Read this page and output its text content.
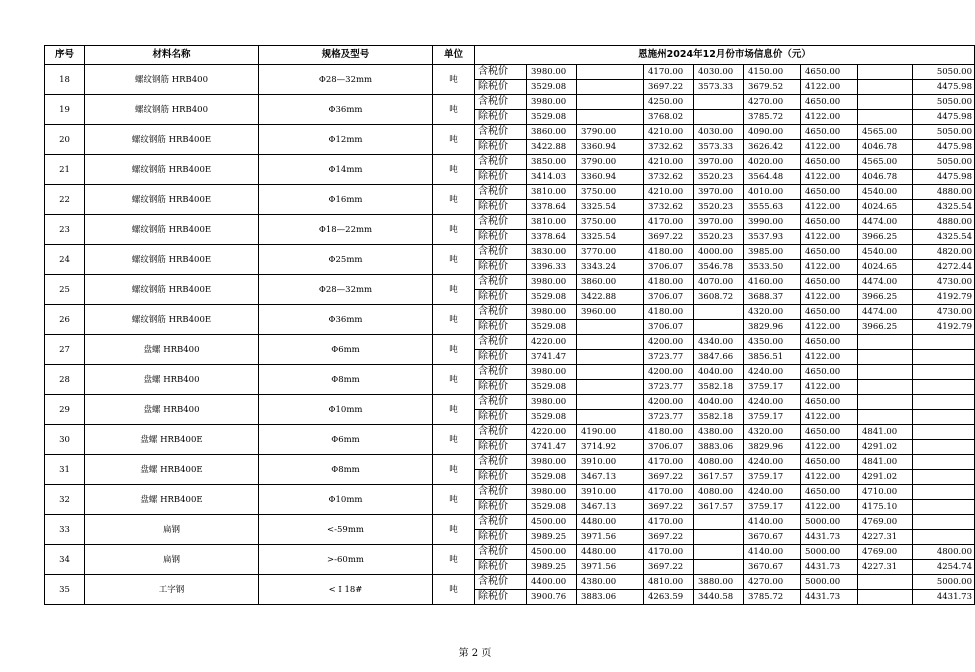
序号	材料名称	规格及型号	单位	恩施州2024年12月份市场信息价（元）								
18	螺纹钢筋 HRB400	Φ28—32mm	吨	含税价	3980.00		4170.00	4030.00	4150.00	4650.00		5050.00
				除税价	3529.08		3697.22	3573.33	3679.52	4122.00		4475.98
19	螺纹钢筋 HRB400	Φ36mm	吨	含税价	3980.00		4250.00		4270.00	4650.00		5050.00
				除税价	3529.08		3768.02		3785.72	4122.00		4475.98
20	螺纹钢筋 HRB400E	Φ12mm	吨	含税价	3860.00	3790.00	4210.00	4030.00	4090.00	4650.00	4565.00	5050.00
				除税价	3422.88	3360.94	3732.62	3573.33	3626.42	4122.00	4046.78	4475.98
21	螺纹钢筋 HRB400E	Φ14mm	吨	含税价	3850.00	3790.00	4210.00	3970.00	4020.00	4650.00	4565.00	5050.00
				除税价	3414.03	3360.94	3732.62	3520.23	3564.48	4122.00	4046.78	4475.98
22	螺纹钢筋 HRB400E	Φ16mm	吨	含税价	3810.00	3750.00	4210.00	3970.00	4010.00	4650.00	4540.00	4880.00
				除税价	3378.64	3325.54	3732.62	3520.23	3555.63	4122.00	4024.65	4325.54
23	螺纹钢筋 HRB400E	Φ18—22mm	吨	含税价	3810.00	3750.00	4170.00	3970.00	3990.00	4650.00	4474.00	4880.00
				除税价	3378.64	3325.54	3697.22	3520.23	3537.93	4122.00	3966.25	4325.54
24	螺纹钢筋 HRB400E	Φ25mm	吨	含税价	3830.00	3770.00	4180.00	4000.00	3985.00	4650.00	4540.00	4820.00
				除税价	3396.33	3343.24	3706.07	3546.78	3533.50	4122.00	4024.65	4272.44
25	螺纹钢筋 HRB400E	Φ28—32mm	吨	含税价	3980.00	3860.00	4180.00	4070.00	4160.00	4650.00	4474.00	4730.00
				除税价	3529.08	3422.88	3706.07	3608.72	3688.37	4122.00	3966.25	4192.79
26	螺纹钢筋 HRB400E	Φ36mm	吨	含税价	3980.00	3960.00	4180.00		4320.00	4650.00	4474.00	4730.00
				除税价	3529.08		3706.07		3829.96	4122.00	3966.25	4192.79
27	盘螺 HRB400	Φ6mm	吨	含税价	4220.00		4200.00	4340.00	4350.00	4650.00		
				除税价	3741.47		3723.77	3847.66	3856.51	4122.00		
28	盘螺 HRB400	Φ8mm	吨	含税价	3980.00		4200.00	4040.00	4240.00	4650.00		
				除税价	3529.08		3723.77	3582.18	3759.17	4122.00		
29	盘螺 HRB400	Φ10mm	吨	含税价	3980.00		4200.00	4040.00	4240.00	4650.00		
				除税价	3529.08		3723.77	3582.18	3759.17	4122.00		
30	盘螺 HRB400E	Φ6mm	吨	含税价	4220.00	4190.00	4180.00	4380.00	4320.00	4650.00	4841.00	
				除税价	3741.47	3714.92	3706.07	3883.06	3829.96	4122.00	4291.02	
31	盘螺 HRB400E	Φ8mm	吨	含税价	3980.00	3910.00	4170.00	4080.00	4240.00	4650.00	4841.00	
				除税价	3529.08	3467.13	3697.22	3617.57	3759.17	4122.00	4291.02	
32	盘螺 HRB400E	Φ10mm	吨	含税价	3980.00	3910.00	4170.00	4080.00	4240.00	4650.00	4710.00	
				除税价	3529.08	3467.13	3697.22	3617.57	3759.17	4122.00	4175.10	
33	扁钢	<-59mm	吨	含税价	4500.00	4480.00	4170.00		4140.00	5000.00	4769.00	
				除税价	3989.25	3971.56	3697.22		3670.67	4431.73	4227.31	
34	扁钢	>-60mm	吨	含税价	4500.00	4480.00	4170.00		4140.00	5000.00	4769.00	4800.00
				除税价	3989.25	3971.56	3697.22		3670.67	4431.73	4227.31	4254.74
35	工字钢	< I 18#	吨	含税价	4400.00	4380.00	4810.00	3880.00	4270.00	5000.00		5000.00
				除税价	3900.76	3883.06	4263.59	3440.58	3785.72	4431.73		4431.73
第 2 页
